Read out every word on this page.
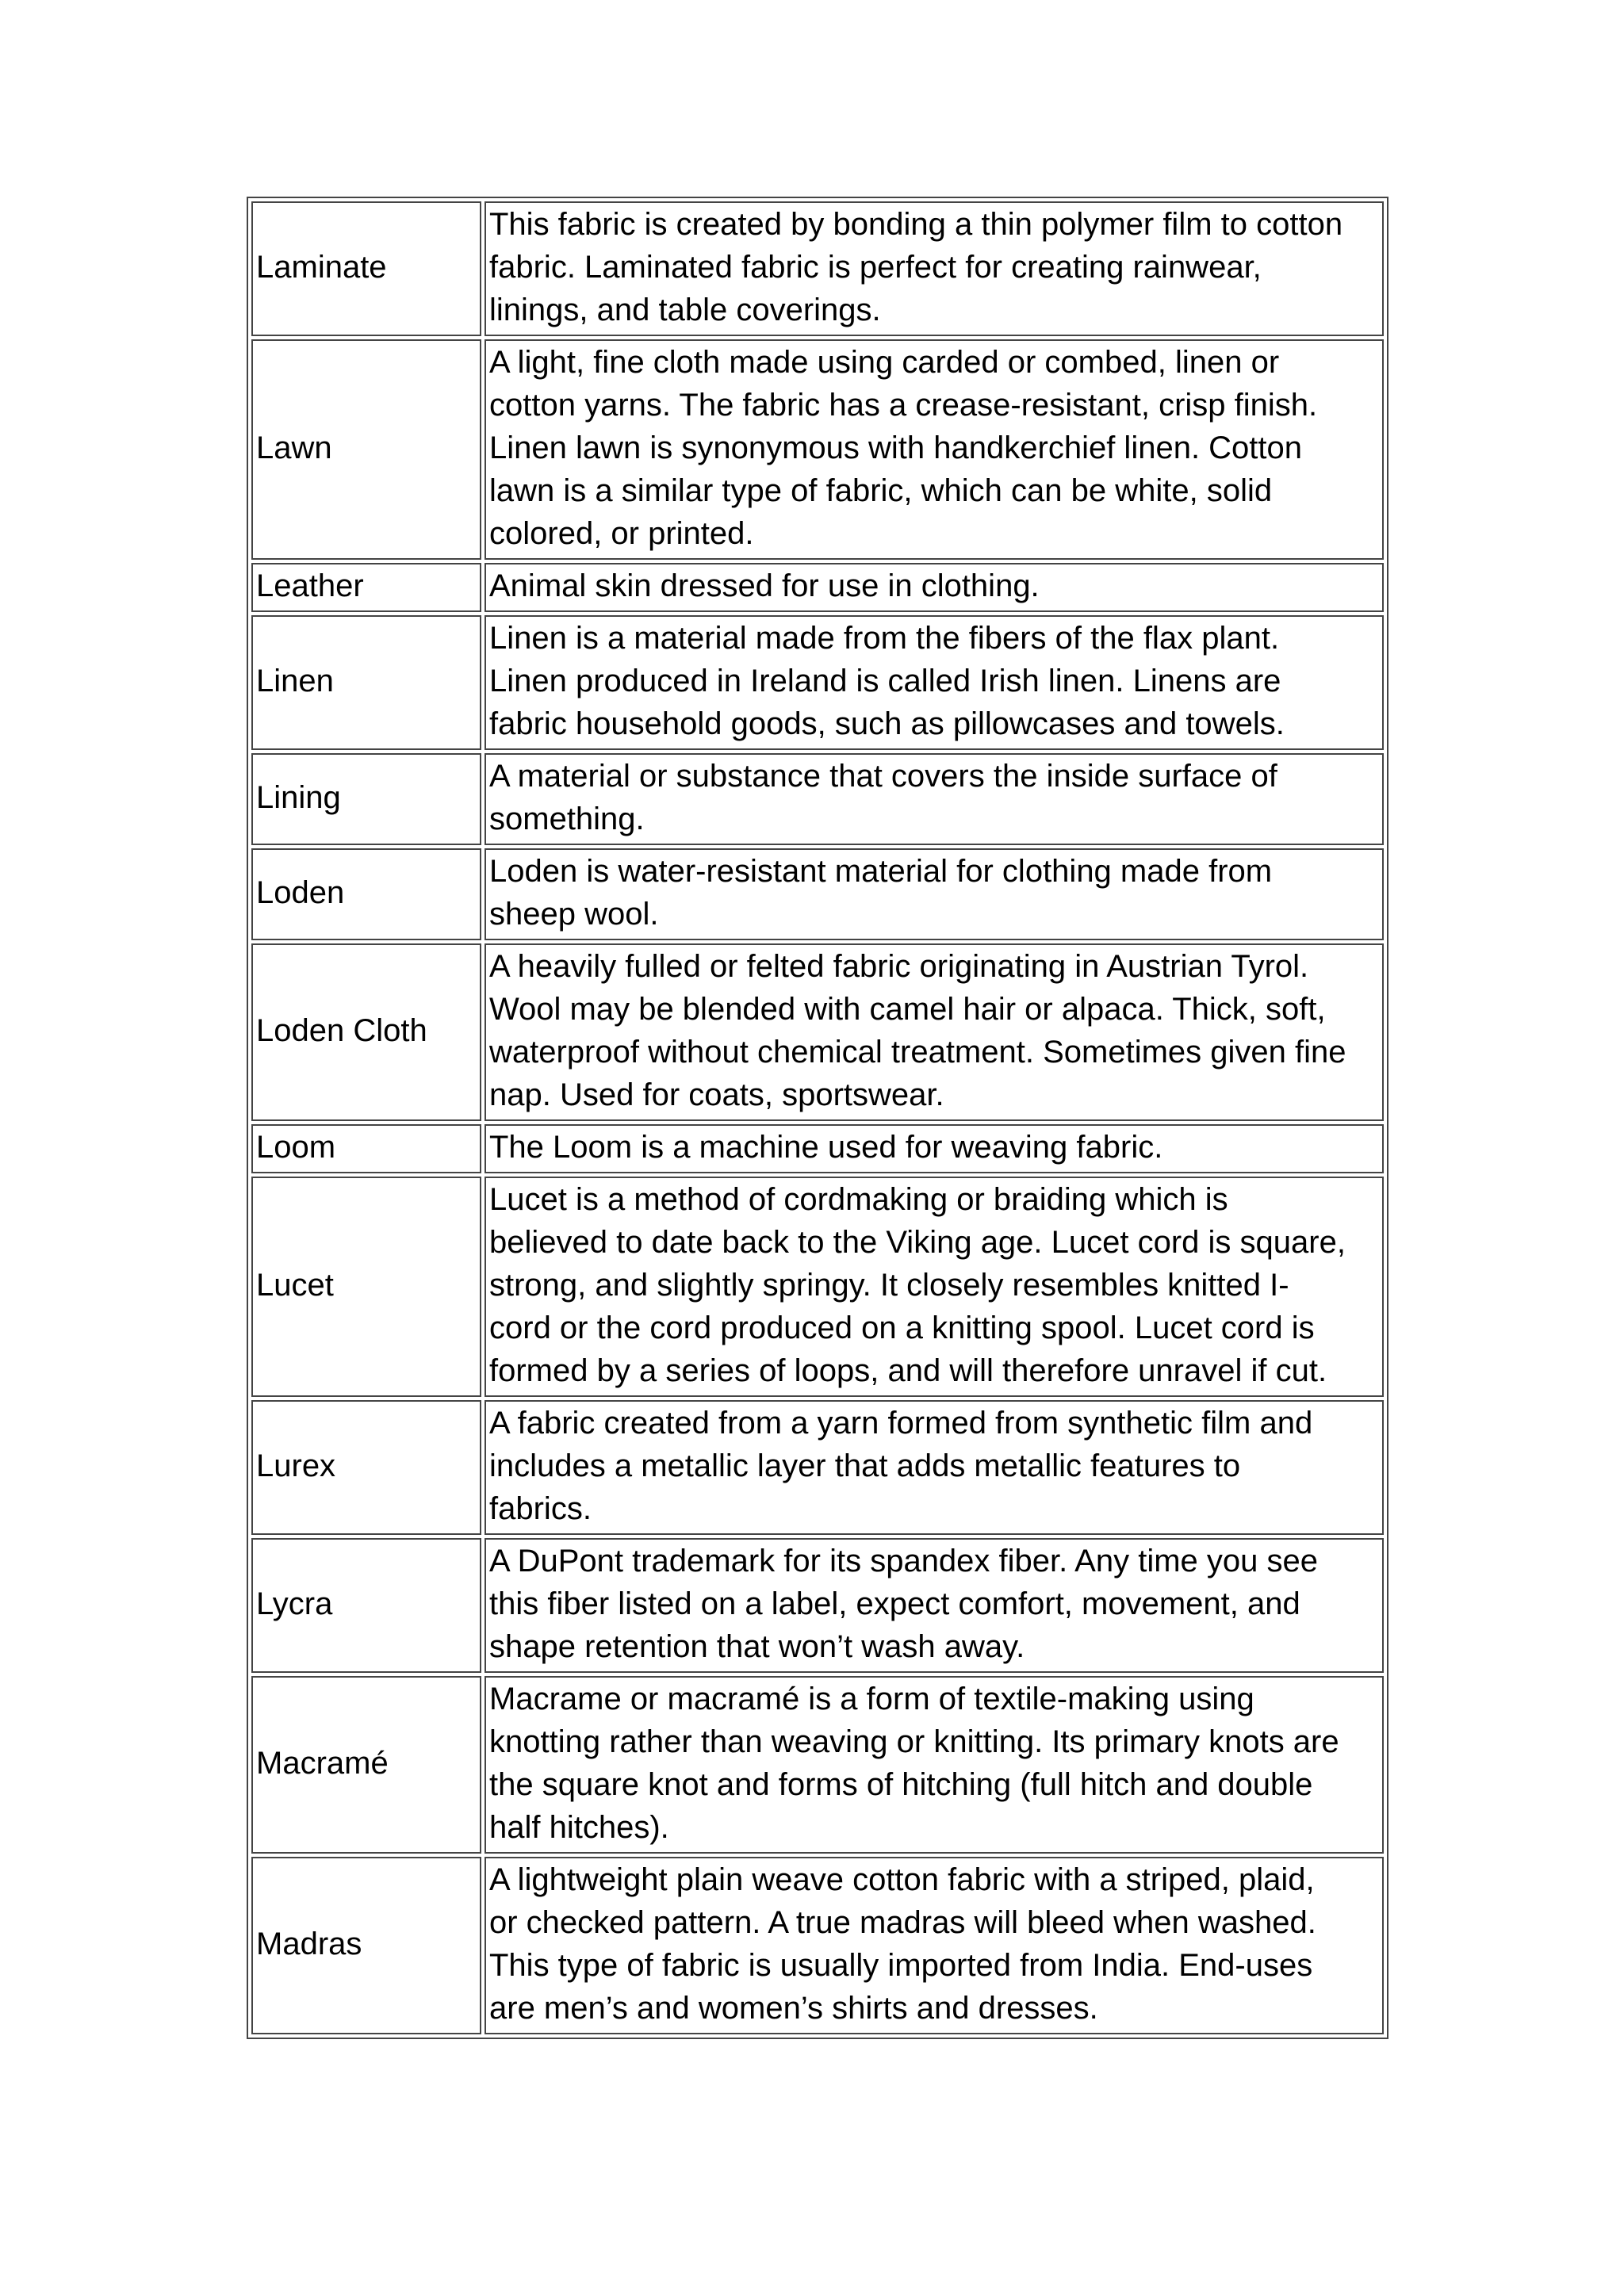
Laminate	This fabric is created by bonding a thin polymer film to cotton
fabric. Laminated fabric is perfect for creating rainwear,
linings, and table coverings.

Lawn	A light, fine cloth made using carded or combed, linen or
cotton yarns. The fabric has a crease-resistant, crisp finish.
Linen lawn is synonymous with handkerchief linen. Cotton
lawn is a similar type of fabric, which can be white, solid
colored, or printed.

Leather	Animal skin dressed for use in clothing.

Linen	Linen is a material made from the fibers of the flax plant.
Linen produced in Ireland is called Irish linen. Linens are
fabric household goods, such as pillowcases and towels.

Lining	A material or substance that covers the inside surface of
something.

Loden	Loden is water-resistant material for clothing made from
sheep wool.

Loden Cloth	A heavily fulled or felted fabric originating in Austrian Tyrol.
Wool may be blended with camel hair or alpaca. Thick, soft,
waterproof without chemical treatment. Sometimes given fine
nap. Used for coats, sportswear.

Loom	The Loom is a machine used for weaving fabric.

Lucet	Lucet is a method of cordmaking or braiding which is
believed to date back to the Viking age. Lucet cord is square,
strong, and slightly springy. It closely resembles knitted I-
cord or the cord produced on a knitting spool. Lucet cord is
formed by a series of loops, and will therefore unravel if cut.

Lurex	A fabric created from a yarn formed from synthetic film and
includes a metallic layer that adds metallic features to
fabrics.

Lycra	A DuPont trademark for its spandex fiber. Any time you see
this fiber listed on a label, expect comfort, movement, and
shape retention that won’t wash away.

Macramé	Macrame or macramé is a form of textile-making using
knotting rather than weaving or knitting. Its primary knots are
the square knot and forms of hitching (full hitch and double
half hitches).

Madras	A lightweight plain weave cotton fabric with a striped, plaid,
or checked pattern. A true madras will bleed when washed.
This type of fabric is usually imported from India. End-uses
are men’s and women’s shirts and dresses.
